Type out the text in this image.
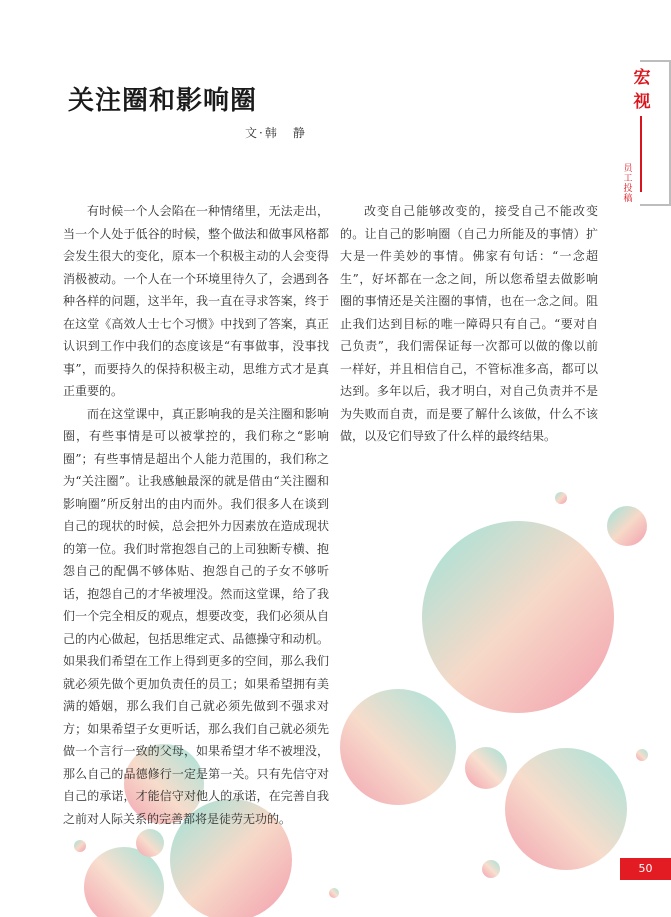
关注圈和影响圈
文·韩　静

有时候一个人会陷在一种情绪里，无法走出，当一个人处于低谷的时候，整个做法和做事风格都会发生很大的变化，原本一个积极主动的人会变得消极被动。一个人在一个环境里待久了，会遇到各种各样的问题，这半年，我一直在寻求答案，终于在这堂《高效人士七个习惯》中找到了答案，真正认识到工作中我们的态度该是“有事做事，没事找事”，而要持久的保持积极主动，思维方式才是真正重要的。

而在这堂课中，真正影响我的是关注圈和影响圈，有些事情是可以被掌控的，我们称之“影响圈”；有些事情是超出个人能力范围的，我们称之为“关注圈”。让我感触最深的就是借由“关注圈和影响圈”所反射出的由内而外。我们很多人在谈到自己的现状的时候，总会把外力因素放在造成现状的第一位。我们时常抱怨自己的上司独断专横、抱怨自己的配偶不够体贴、抱怨自己的子女不够听话，抱怨自己的才华被埋没。然而这堂课，给了我们一个完全相反的观点，想要改变，我们必须从自己的内心做起，包括思维定式、品德操守和动机。如果我们希望在工作上得到更多的空间，那么我们就必须先做个更加负责任的员工；如果希望拥有美满的婚姻，那么我们自己就必须先做到不强求对方；如果希望子女更听话，那么我们自己就必须先做一个言行一致的父母，如果希望才华不被埋没，那么自己的品德修行一定是第一关。只有先信守对自己的承诺，才能信守对他人的承诺，在完善自我之前对人际关系的完善都将是徒劳无功的。

改变自己能够改变的，接受自己不能改变的。让自己的影响圈（自己力所能及的事情）扩大是一件美妙的事情。佛家有句话：“一念超生”，好坏都在一念之间，所以您希望去做影响圈的事情还是关注圈的事情，也在一念之间。阻止我们达到目标的唯一障碍只有自己。“要对自己负责”，我们需保证每一次都可以做的像以前一样好，并且相信自己，不管标准多高，都可以达到。多年以后，我才明白，对自己负责并不是为失败而自责，而是要了解什么该做，什么不该做，以及它们导致了什么样的最终结果。

宏视
员工投稿
50
